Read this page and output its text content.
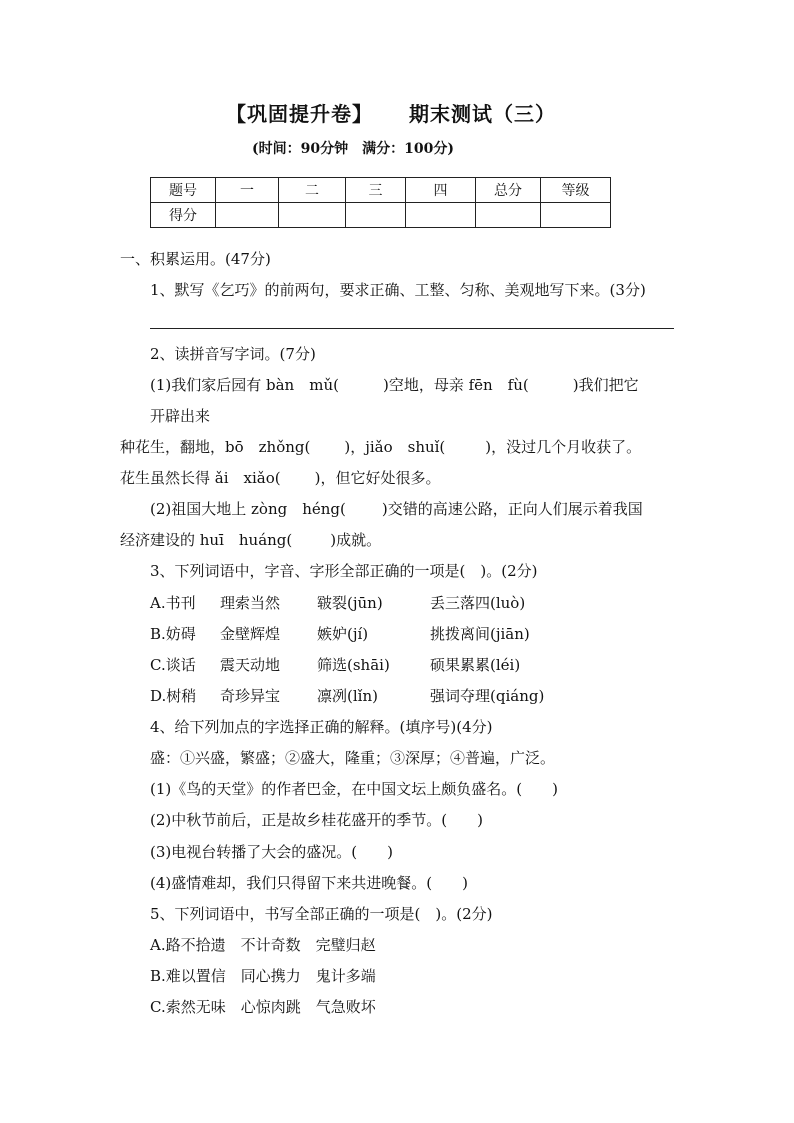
【巩固提升卷】 期末测试（三）
(时间：90分钟　满分：100分)
题号	一	二	三	四	总分	等级
得分						
一、积累运用。(47分)
1、默写《乞巧》的前两句，要求正确、工整、匀称、美观地写下来。(3分)
2、读拼音写字词。(7分)
(1)我们家后园有 bàn　mǔ(	)空地，母亲 fēn　fù(	)我们把它
开辟出来
种花生，翻地，bō　zhǒng( )，jiǎo　shuǐ(	)，没过几个月收获了。
花生虽然长得 ǎi　xiǎo( )，但它好处很多。
(2)祖国大地上 zòng　héng( )交错的高速公路，正向人们展示着我国
经济建设的 huī　huáng(	)成就。
3、下列词语中，字音、字形全部正确的一项是(　)。(2分)
A.书刊 理索当然 皲裂(jūn)	丢三落四(luò)
B.妨碍 金壁辉煌 嫉妒(jí)	挑拨离间(jiān)
C.谈话 震天动地 筛选(shāi)	硕果累累(léi)
D.树稍 奇珍异宝 凛冽(lǐn)	强词夺理(qiáng)
4、给下列加点的字选择正确的解释。(填序号)(4分)
盛：①兴盛，繁盛；②盛大，隆重；③深厚；④普遍，广泛。
(1)《鸟的天堂》的作者巴金，在中国文坛上颇负盛名。(　　)
(2)中秋节前后，正是故乡桂花盛开的季节。(　　)
(3)电视台转播了大会的盛况。(　　)
(4)盛情难却，我们只得留下来共进晚餐。(　　)
5、下列词语中，书写全部正确的一项是(　)。(2分)
A.路不拾遗　不计奇数　完璧归赵
B.难以置信　同心携力　鬼计多端
C.索然无味　心惊肉跳　气急败坏
